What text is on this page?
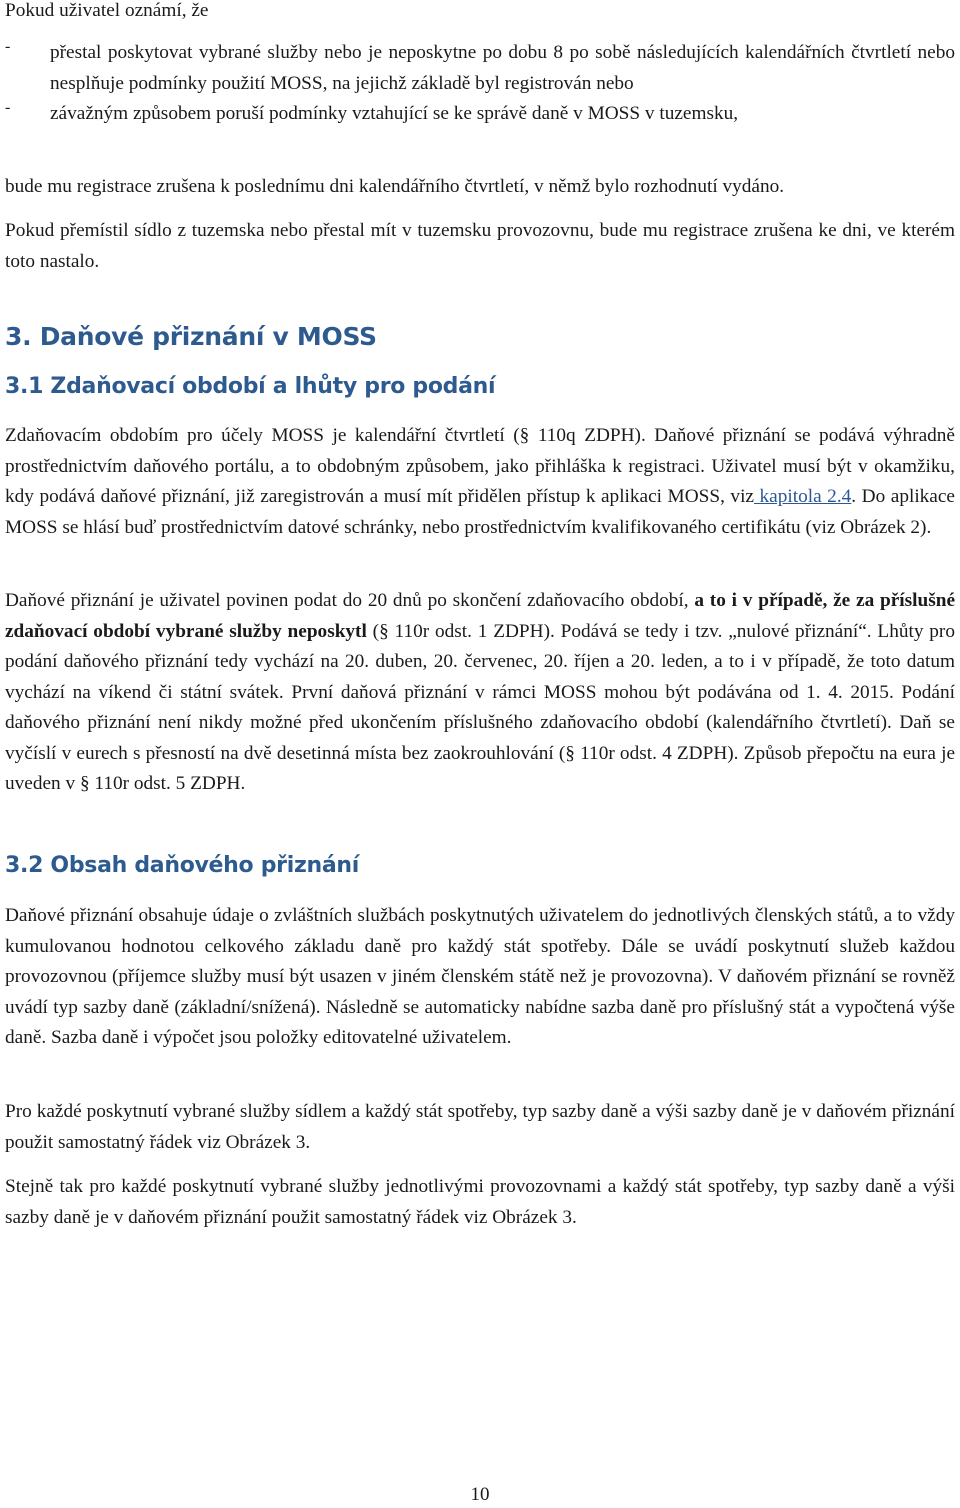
Pokud uživatel oznámí, že

- přestal poskytovat vybrané služby nebo je neposkytne po dobu 8 po sobě následujících kalendářních čtvrtletí nebo nesplňuje podmínky použití MOSS, na jejichž základě byl registrován nebo

- závažným způsobem poruší podmínky vztahující se ke správě daně v MOSS v tuzemsku,

bude mu registrace zrušena k poslednímu dni kalendářního čtvrtletí, v němž bylo rozhodnutí vydáno.

Pokud přemístil sídlo z tuzemska nebo přestal mít v tuzemsku provozovnu, bude mu registrace zrušena ke dni, ve kterém toto nastalo.

3. Daňové přiznání v MOSS
3.1 Zdaňovací období a lhůty pro podání

Zdaňovacím obdobím pro účely MOSS je kalendářní čtvrtletí (§ 110q ZDPH). Daňové přiznání se podává výhradně prostřednictvím daňového portálu, a to obdobným způsobem, jako přihláška k registraci. Uživatel musí být v okamžiku, kdy podává daňové přiznání, již zaregistrován a musí mít přidělen přístup k aplikaci MOSS, viz kapitola 2.4. Do aplikace MOSS se hlásí buď prostřednictvím datové schránky, nebo prostřednictvím kvalifikovaného certifikátu (viz Obrázek 2).

Daňové přiznání je uživatel povinen podat do 20 dnů po skončení zdaňovacího období, a to i v případě, že za příslušné zdaňovací období vybrané služby neposkytl (§ 110r odst. 1 ZDPH). Podává se tedy i tzv. „nulové přiznání“. Lhůty pro podání daňového přiznání tedy vychází na 20. duben, 20. červenec, 20. říjen a 20. leden, a to i v případě, že toto datum vychází na víkend či státní svátek. První daňová přiznání v rámci MOSS mohou být podávána od 1. 4. 2015. Podání daňového přiznání není nikdy možné před ukončením příslušného zdaňovacího období (kalendářního čtvrtletí). Daň se vyčíslí v eurech s přesností na dvě desetinná místa bez zaokrouhlování (§ 110r odst. 4 ZDPH). Způsob přepočtu na eura je uveden v § 110r odst. 5 ZDPH.

3.2 Obsah daňového přiznání

Daňové přiznání obsahuje údaje o zvláštních službách poskytnutých uživatelem do jednotlivých členských států, a to vždy kumulovanou hodnotou celkového základu daně pro každý stát spotřeby. Dále se uvádí poskytnutí služeb každou provozovnou (příjemce služby musí být usazen v jiném členském státě než je provozovna). V daňovém přiznání se rovněž uvádí typ sazby daně (základní/snížená). Následně se automaticky nabídne sazba daně pro příslušný stát a vypočtená výše daně. Sazba daně i výpočet jsou položky editovatelné uživatelem.

Pro každé poskytnutí vybrané služby sídlem a každý stát spotřeby, typ sazby daně a výši sazby daně je v daňovém přiznání použit samostatný řádek viz Obrázek 3.

Stejně tak pro každé poskytnutí vybrané služby jednotlivými provozovnami a každý stát spotřeby, typ sazby daně a výši sazby daně je v daňovém přiznání použit samostatný řádek viz Obrázek 3.

10
